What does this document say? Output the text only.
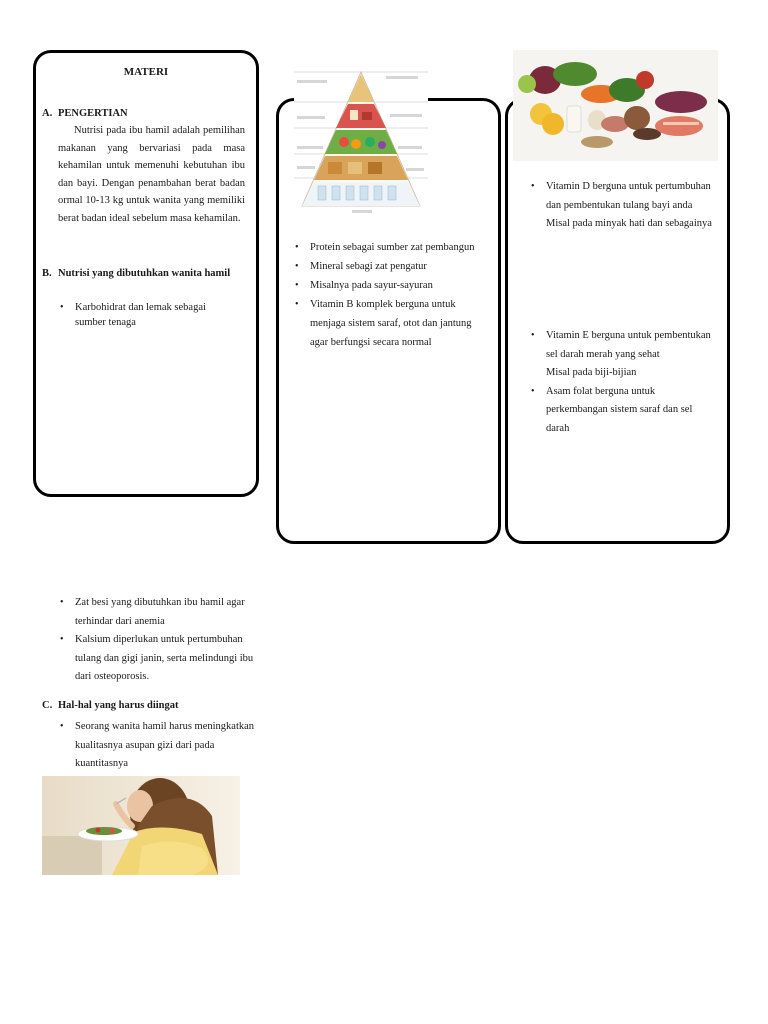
MATERI
A. PENGERTIAN
Nutrisi pada ibu hamil adalah pemilihan makanan yang bervariasi pada masa kehamilan untuk memenuhi kebutuhan ibu dan bayi. Dengan penambahan berat badan ormal 10-13 kg untuk wanita yang memiliki berat badan ideal sebelum masa kehamilan.
B. Nutrisi yang dibutuhkan wanita hamil
• Karbohidrat dan lemak sebagai sumber tenaga
• Protein sebagai sumber zat pembangun
• Mineral sebagi zat pengatur
• Misalnya pada sayur-sayuran
• Vitamin B komplek berguna untuk menjaga sistem saraf, otot dan jantung agar berfungsi secara normal
• Vitamin D berguna untuk pertumbuhan dan pembentukan tulang bayi anda
Misal pada minyak hati dan sebagainya
• Vitamin E berguna untuk pembentukan sel darah merah yang sehat
Misal pada biji-bijian
• Asam folat berguna untuk perkembangan sistem saraf dan sel darah
• Zat besi yang dibutuhkan ibu hamil agar terhindar dari anemia
• Kalsium diperlukan untuk pertumbuhan tulang dan gigi janin, serta melindungi ibu dari osteoporosis.
C. Hal-hal yang harus diingat
• Seorang wanita hamil harus meningkatkan kualitasnya asupan gizi dari pada kuantitasnya
